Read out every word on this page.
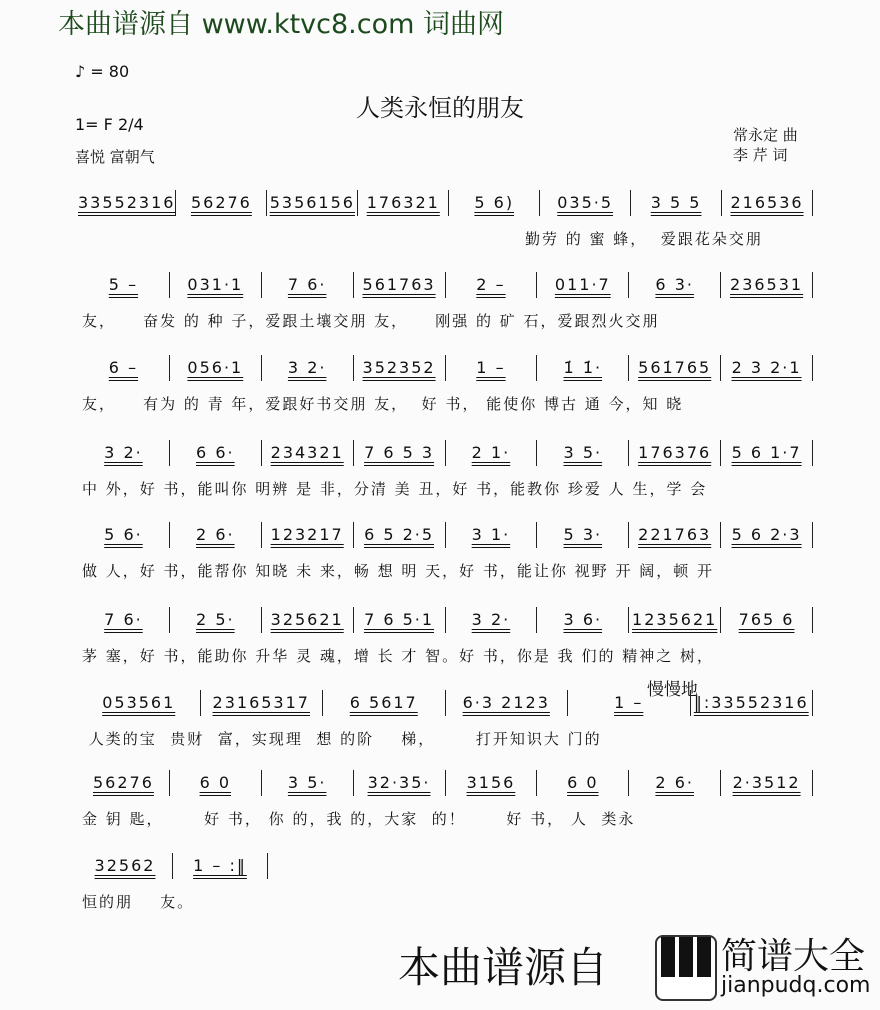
本曲谱源自 www.ktvc8.com 词曲网
♪ = 80
人类永恒的朋友
1= F 2/4
喜悦 富朝气
常永定 曲
李 芹 词
慢慢地
33552316 56276	5356156 176321	5 6)	035·5	3 5 5	216536
勤劳 的 蜜 蜂，  爱跟花朵交朋
5 –	031·1	7 6·	561763	2 –	011·7	6 3·	236531
友，    奋发 的 种 子，爱跟土壤交朋 友，    刚强 的 矿 石，爱跟烈火交朋
6 –	056·1	3 2·	352352	1 –	1̇ 1̇·	561̇765	2 3 2·1
友，    有为 的 青 年，爱跟好书交朋 友，  好 书， 能使你 博古 通 今，知 晓
3 2·	6 6·	234321	7 6 5 3	2 1·	3 5·	176376	5 6 1·7
中 外，好 书，能叫你 明辨 是 非，分清 美 丑，好 书，能教你 珍爱 人 生，学 会
5 6·	2 6·	123217	6 5 2·5	3 1·	5 3·	221763	5 6 2·3
做 人，好 书，能帮你 知晓 未 来，畅 想 明 天，好 书，能让你 视野 开 阔，顿 开
7 6·	2 5·	325621	7 6 5·1	3 2·	3 6·	1235621	765 6
茅 塞，好 书，能助你 升华 灵 魂，增 长 才 智。好 书，你是 我 们的 精神之 树，
053561	23165317	6 5617	6·3 2123	1 –	‖:33552316
人类的宝  贵财  富，实现理  想 的阶    梯，      打开知识大 门的
56276	6 0	3 5·	32·35·	3156	6 0	2 6·	2·3512
金 钥 匙，      好 书， 你 的，我 的，大家  的！      好 书， 人  类永
32562	1 – :‖
恒的朋    友。
本曲谱源自	简谱大全
jianpudq.com
